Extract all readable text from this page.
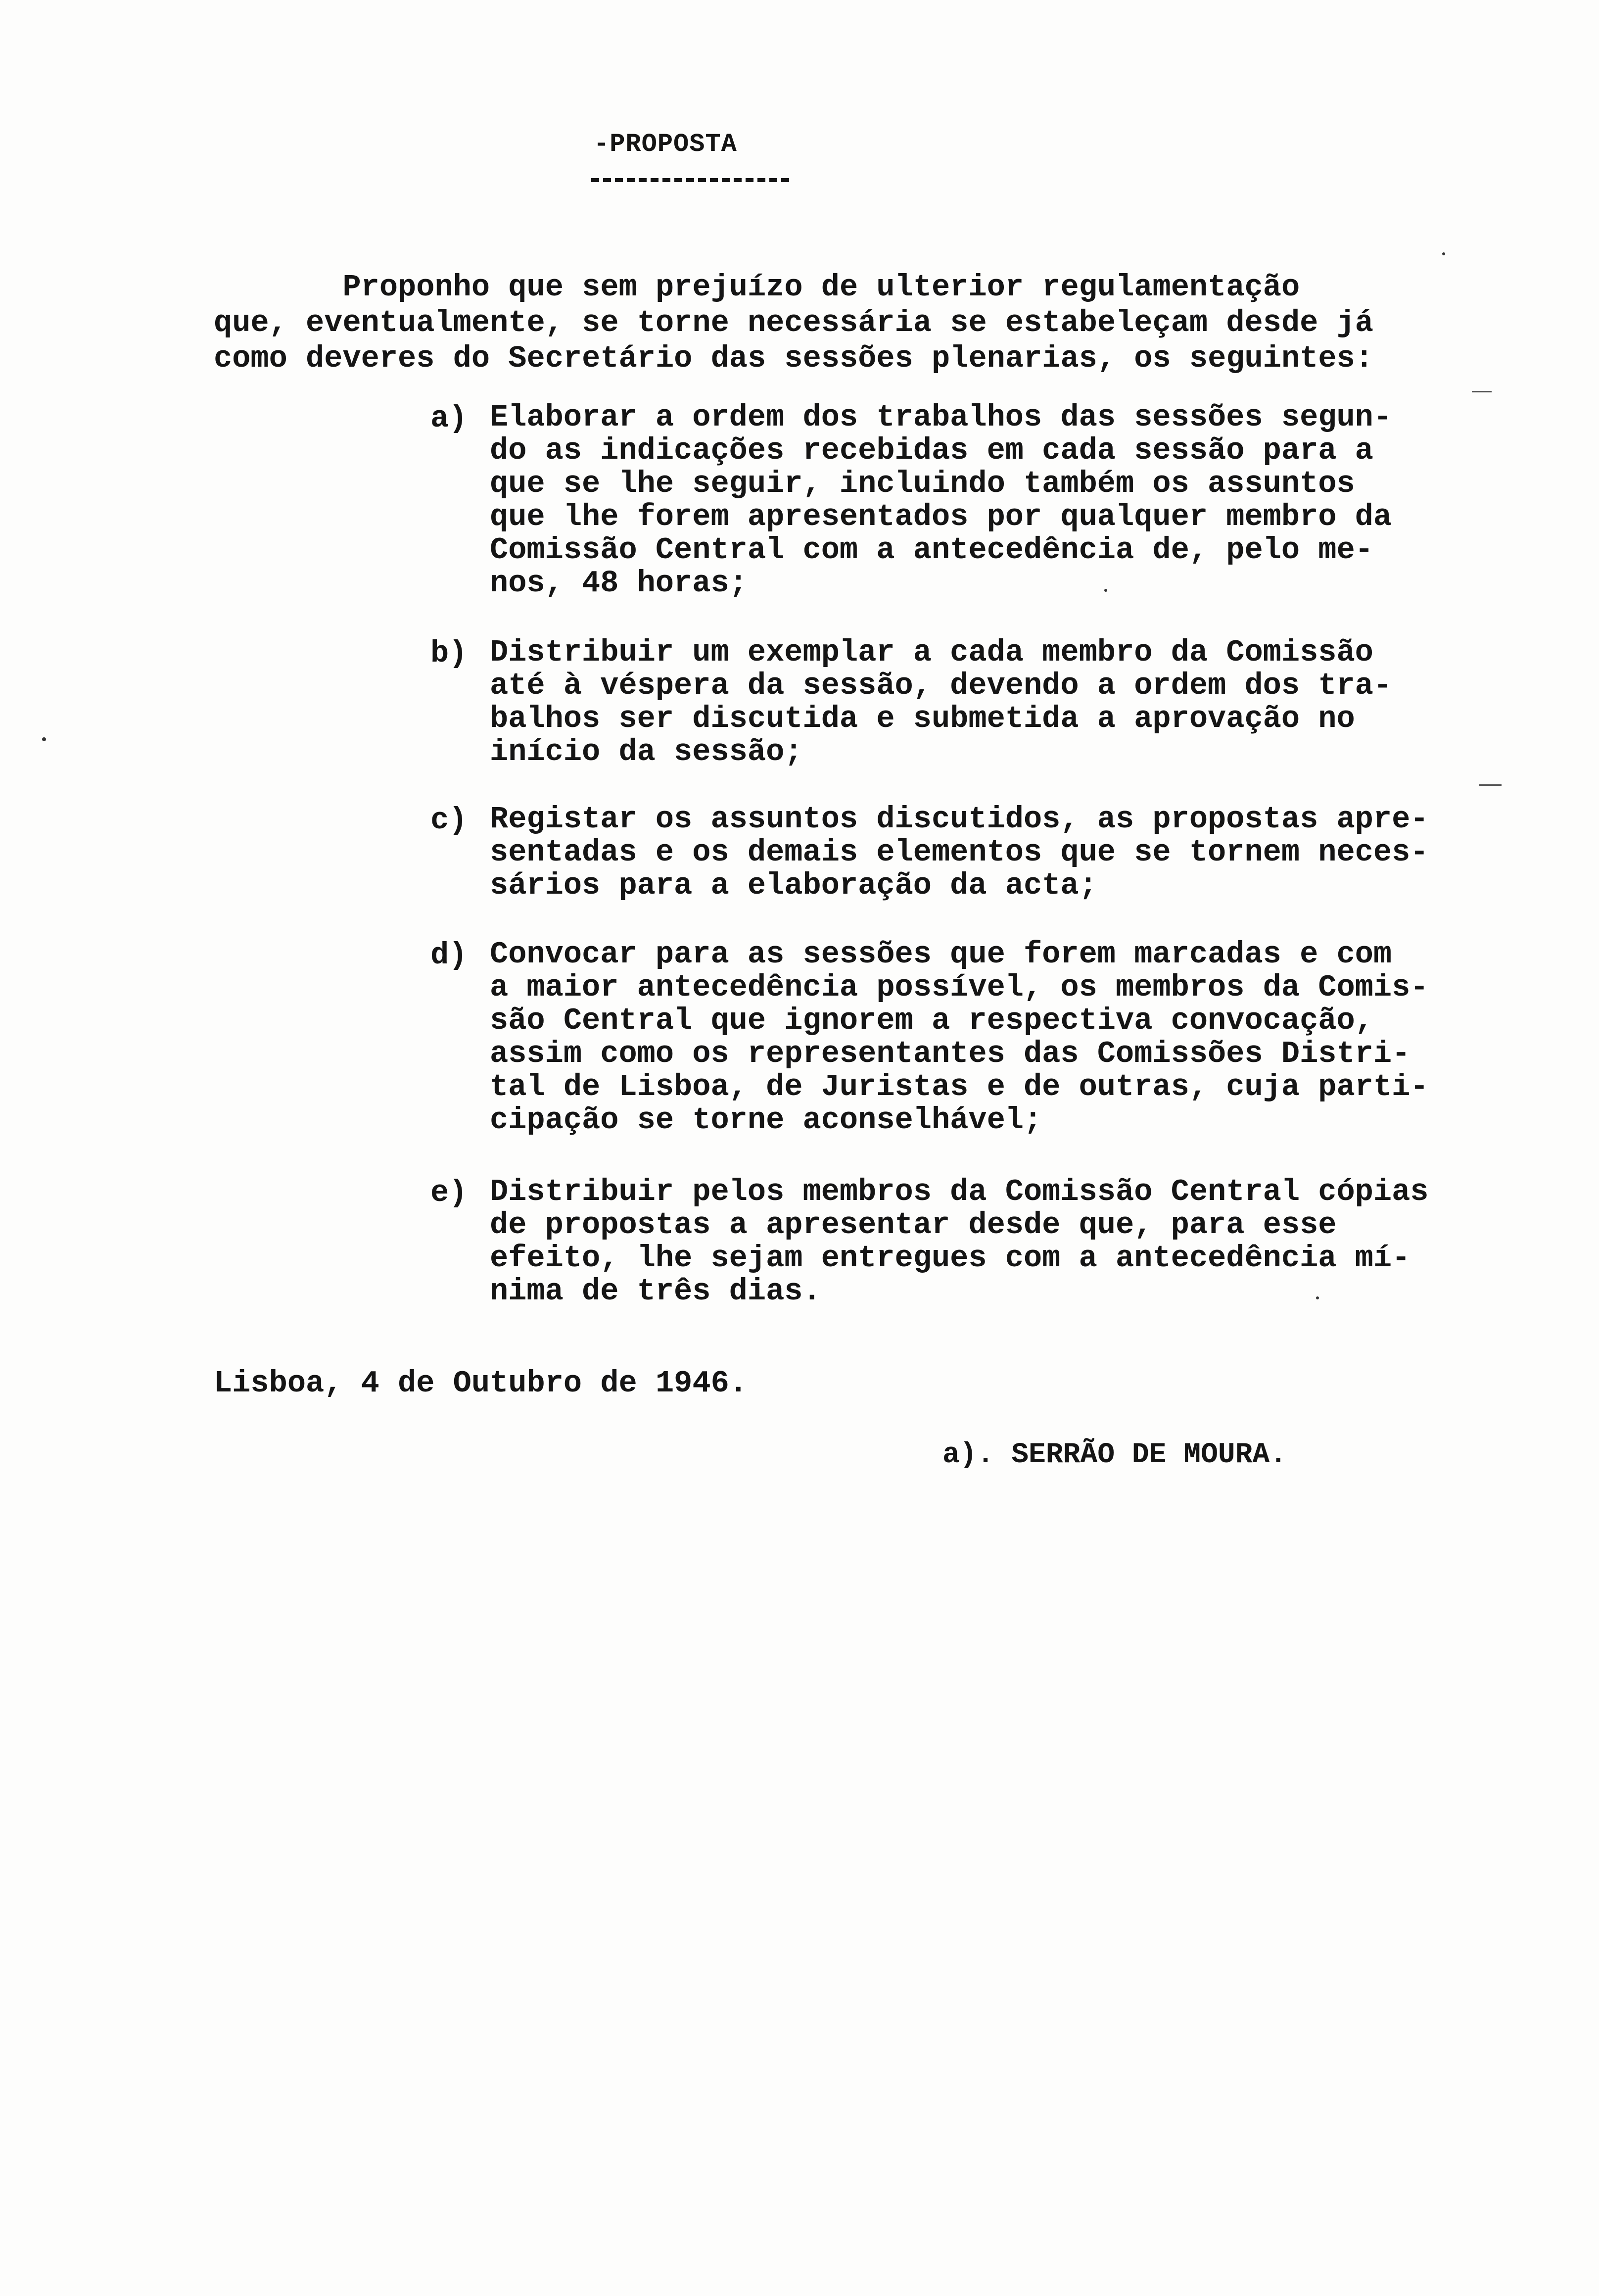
-PROPOSTA
Proponho que sem prejuízo de ulterior regulamentação
que, eventualmente, se torne necessária se estabeleçam desde já
como deveres do Secretário das sessões plenarias, os seguintes:
a) Elaborar a ordem dos trabalhos das sessões segun-
do as indicações recebidas em cada sessão para a
que se lhe seguir, incluindo também os assuntos
que lhe forem apresentados por qualquer membro da
Comissão Central com a antecedência de, pelo me-
nos, 48 horas;
b) Distribuir um exemplar a cada membro da Comissão
até à véspera da sessão, devendo a ordem dos tra-
balhos ser discutida e submetida a aprovação no
início da sessão;
c) Registar os assuntos discutidos, as propostas apre-
sentadas e os demais elementos que se tornem neces-
sários para a elaboração da acta;
d) Convocar para as sessões que forem marcadas e com
a maior antecedência possível, os membros da Comis-
são Central que ignorem a respectiva convocação,
assim como os representantes das Comissões Distri-
tal de Lisboa, de Juristas e de outras, cuja parti-
cipação se torne aconselhável;
e) Distribuir pelos membros da Comissão Central cópias
de propostas a apresentar desde que, para esse
efeito, lhe sejam entregues com a antecedência mí-
nima de três dias.
Lisboa, 4 de Outubro de 1946.
a). SERRÃO DE MOURA.
